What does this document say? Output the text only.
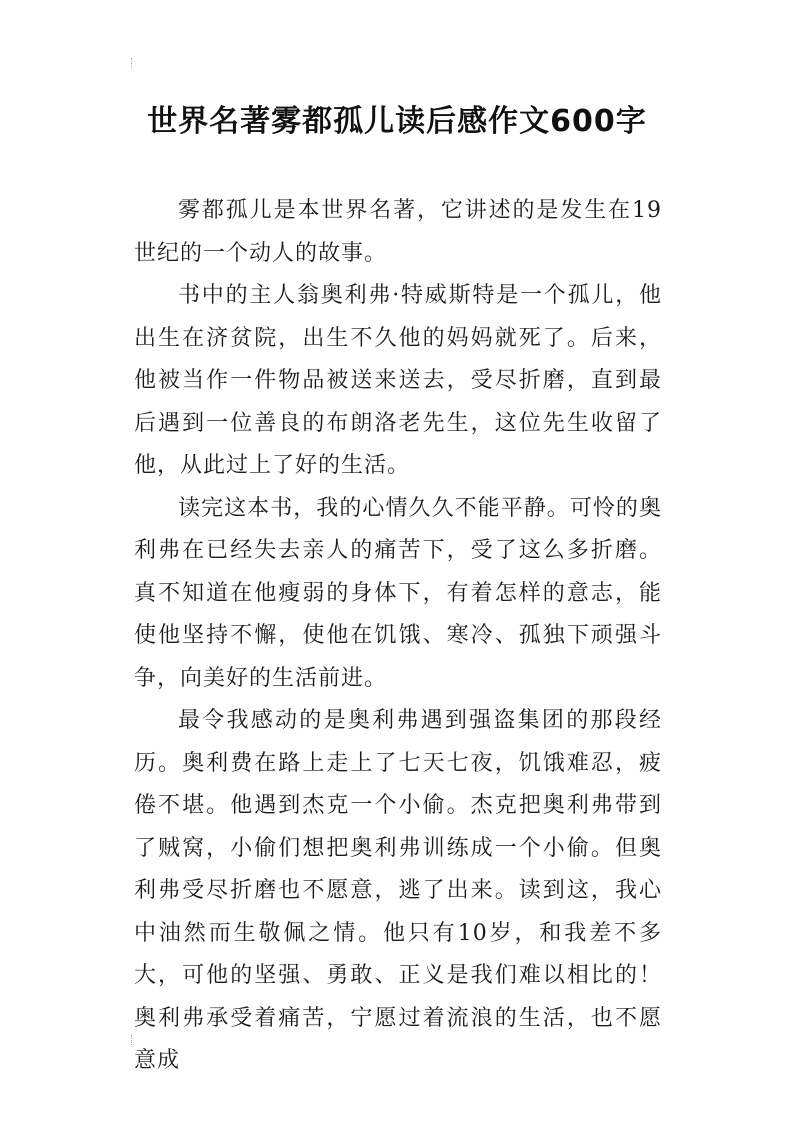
世界名著雾都孤儿读后感作文600字

雾都孤儿是本世界名著，它讲述的是发生在19世纪的一个动人的故事。

书中的主人翁奥利弗·特威斯特是一个孤儿，他出生在济贫院，出生不久他的妈妈就死了。后来，他被当作一件物品被送来送去，受尽折磨，直到最后遇到一位善良的布朗洛老先生，这位先生收留了他，从此过上了好的生活。

读完这本书，我的心情久久不能平静。可怜的奥利弗在已经失去亲人的痛苦下，受了这么多折磨。真不知道在他瘦弱的身体下，有着怎样的意志，能使他坚持不懈，使他在饥饿、寒冷、孤独下顽强斗争，向美好的生活前进。

最令我感动的是奥利弗遇到强盗集团的那段经历。奥利费在路上走上了七天七夜，饥饿难忍，疲倦不堪。他遇到杰克一个小偷。杰克把奥利弗带到了贼窝，小偷们想把奥利弗训练成一个小偷。但奥利弗受尽折磨也不愿意，逃了出来。读到这，我心中油然而生敬佩之情。他只有10岁，和我差不多大，可他的坚强、勇敢、正义是我们难以相比的！奥利弗承受着痛苦，宁愿过着流浪的生活，也不愿意成
